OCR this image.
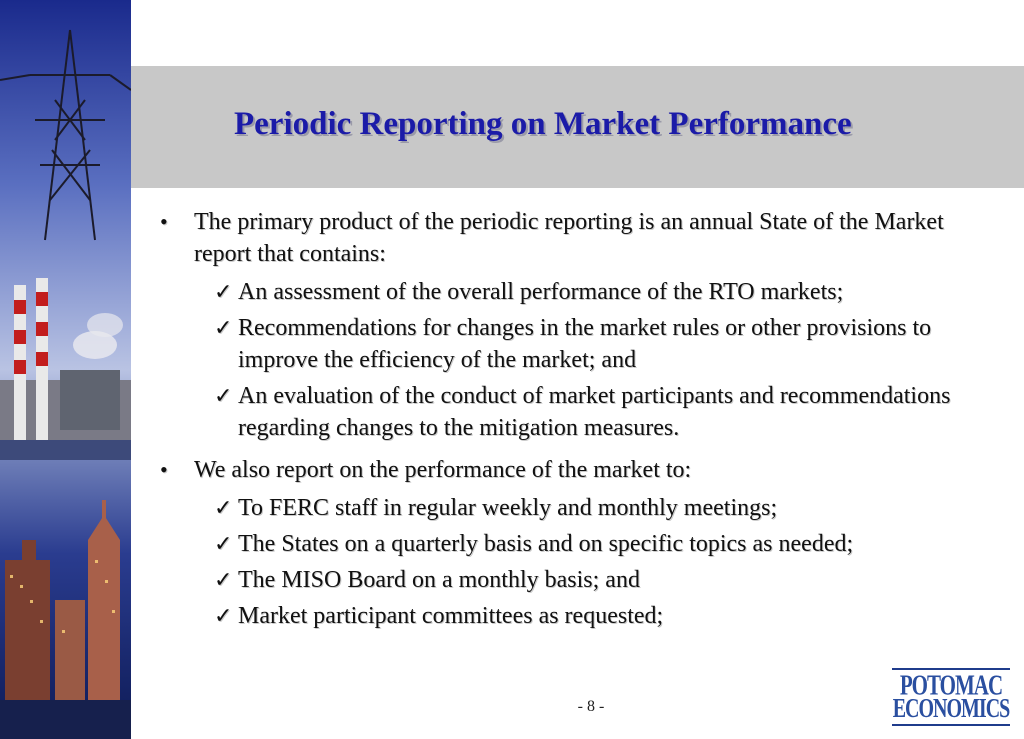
Periodic Reporting on Market Performance
•	The primary product of the periodic reporting is an annual State of the Market report that contains:
✓ An assessment of the overall performance of the RTO markets;
✓ Recommendations for changes in the market rules or other provisions to improve the efficiency of the market; and
✓ An evaluation of the conduct of market participants and recommendations regarding changes to the mitigation measures.
•	We also report on the performance of the market to:
✓ To FERC staff in regular weekly and monthly meetings;
✓ The States on a quarterly basis and on specific topics as needed;
✓ The MISO Board on a monthly basis; and
✓ Market participant committees as requested;
- 8 -
POTOMAC
ECONOMICS
